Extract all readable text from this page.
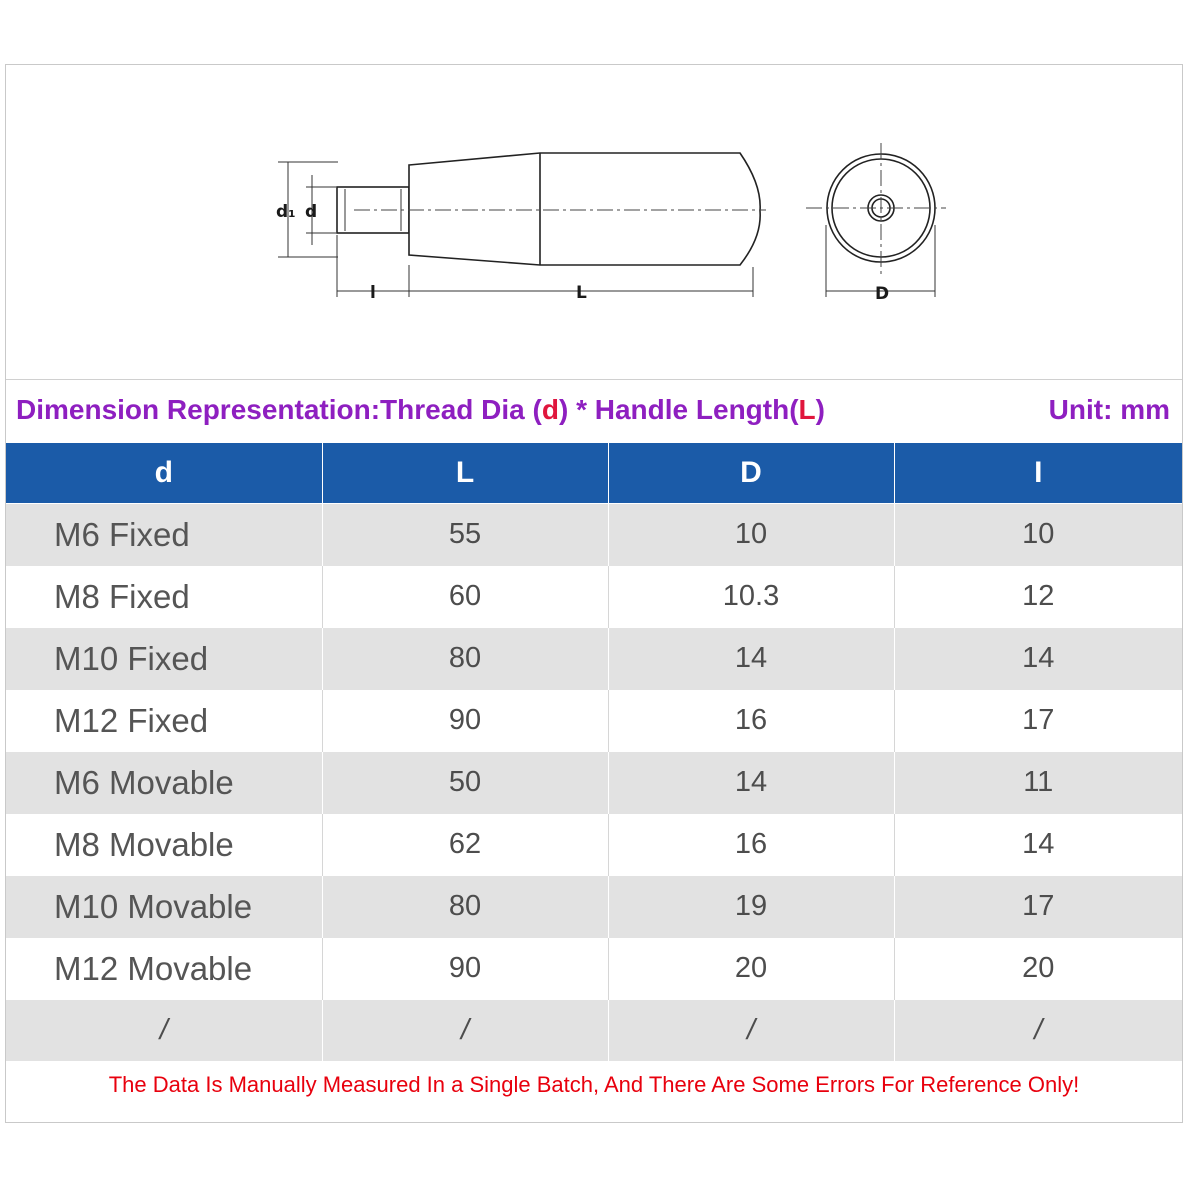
d₁ d
l	L	D
Dimension Representation:Thread Dia (d) * Handle Length(L)	Unit: mm
d	L	D	I
M6 Fixed	55	10	10
M8 Fixed	60	10.3	12
M10 Fixed	80	14	14
M12 Fixed	90	16	17
M6 Movable	50	14	11
M8 Movable	62	16	14
M10 Movable	80	19	17
M12 Movable	90	20	20
/	/	/	/
The Data Is Manually Measured In a Single Batch, And There Are Some Errors For Reference Only!
